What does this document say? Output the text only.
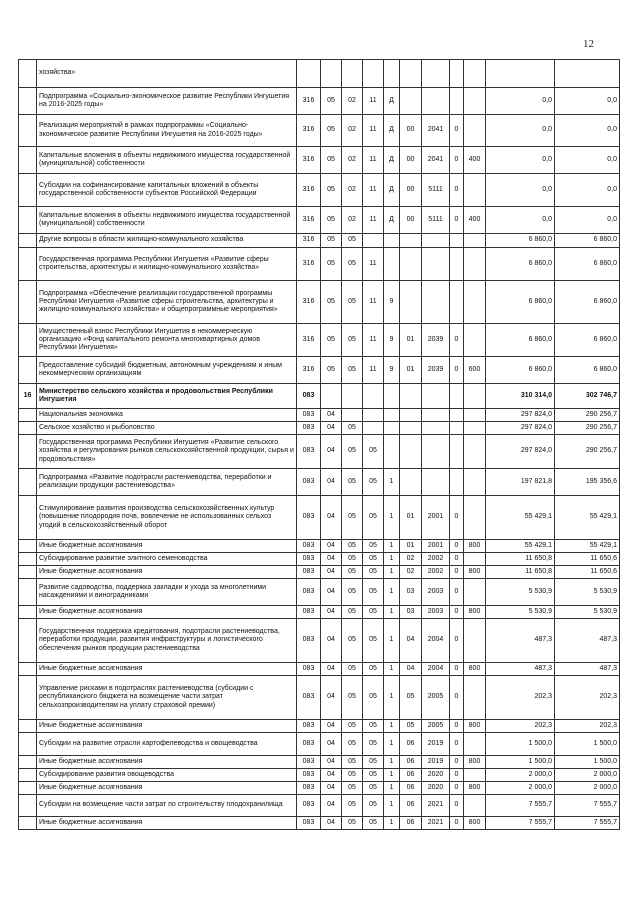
12
	хозяйства»											
	Подпрограмма «Социально-экономическое развитие Республики Ингушетия на 2016-2025 годы»	316	05	02	11	Д					0,0	0,0
	Реализация мероприятий в рамках подпрограммы «Социально-экономическое развитие Республики Ингушетия на 2016-2025 годы»	316	05	02	11	Д	00	2041	0		0,0	0,0
	Капитальные вложения в объекты недвижимого имущества государственной (муниципальной) собственности	316	05	02	11	Д	00	2041	0	400	0,0	0,0
	Субсидии на софинансирование капитальных вложений в объекты государственной собственности субъектов Российской Федерации	316	05	02	11	Д	00	5111	0		0,0	0,0
	Капитальные вложения в объекты недвижимого имущества государственной (муниципальной) собственности	316	05	02	11	Д	00	5111	0	400	0,0	0,0
	Другие вопросы в области жилищно-коммунального хозяйства	316	05	05							6 860,0	6 860,0
	Государственная программа Республики Ингушетия «Развитие сферы строительства, архитектуры и жилищно-коммунального хозяйства»	316	05	05	11						6 860,0	6 860,0
	Подпрограмма «Обеспечение реализации государственной программы Республики Ингушетия «Развитие сферы строительства, архитектуры и жилищно-коммунального хозяйства» и общепрограммные мероприятия»	316	05	05	11	9					6 860,0	6 860,0
	Имущественный взнос Республики Ингушетия в некоммерческую организацию «Фонд капитального ремонта многоквартирных домов Республики Ингушетия»	316	05	05	11	9	01	2039	0		6 860,0	6 860,0
	Предоставление субсидий бюджетным, автономным учреждениям и иным некоммерческим организациям	316	05	05	11	9	01	2039	0	600	6 860,0	6 860,0
16	Министерство сельского хозяйства и продовольствия Республики Ингушетия	083									310 314,0	302 746,7
	Национальная экономика	083	04								297 824,0	290 256,7
	Сельское хозяйство и рыболовство	083	04	05							297 824,0	290 256,7
	Государственная программа Республики Ингушетия «Развитие сельского хозяйства и регулирования рынков сельскохозяйственной продукции, сырья и продовольствия»	083	04	05	05						297 824,0	290 256,7
	Подпрограмма «Развитие подотрасли растениеводства, переработки и реализации продукции растениеводства»	083	04	05	05	1					197 821,8	195 356,6
	Стимулирование развития производства сельскохозяйственных культур (повышение плодородия почв, вовлечение не использованных сельхоз угодий в сельскохозяйственный оборот	083	04	05	05	1	01	2001	0		55 429,1	55 429,1
	Иные бюджетные ассигнования	083	04	05	05	1	01	2001	0	800	55 429,1	55 429,1
	Субсидирование развитие элитного семеноводства	083	04	05	05	1	02	2002	0		11 650,8	11 650,6
	Иные бюджетные ассигнования	083	04	05	05	1	02	2002	0	800	11 650,8	11 650,6
	Развитие садоводства, поддержка закладки и ухода за многолетними насаждениями и виноградниками	083	04	05	05	1	03	2003	0		5 530,9	5 530,9
	Иные бюджетные ассигнования	083	04	05	05	1	03	2003	0	800	5 530,9	5 530,9
	Государственная поддержка кредитования, подотрасли растениеводства, переработки продукции, развития инфраструктуры и логистического обеспечения рынков продукции растениеводства	083	04	05	05	1	04	2004	0		487,3	487,3
	Иные бюджетные ассигнования	083	04	05	05	1	04	2004	0	800	487,3	487,3
	Управление рисками в подотраслях растениеводства (субсидии с республиканского бюджета на возмещение части затрат сельхозпроизводителям на уплату страховой премии)	083	04	05	05	1	05	2005	0		202,3	202,3
	Иные бюджетные ассигнования	083	04	05	05	1	05	2005	0	800	202,3	202,3
	Субсидии на развитие отрасли картофелеводства и овощеводства	083	04	05	05	1	06	2019	0		1 500,0	1 500,0
	Иные бюджетные ассигнования	083	04	05	05	1	06	2019	0	800	1 500,0	1 500,0
	Субсидирование развития овощеводства	083	04	05	05	1	06	2020	0		2 000,0	2 000,0
	Иные бюджетные ассигнования	083	04	05	05	1	06	2020	0	800	2 000,0	2 000,0
	Субсидии на возмещение части затрат по строительству плодохранилища	083	04	05	05	1	06	2021	0		7 555,7	7 555,7
	Иные бюджетные ассигнования	083	04	05	05	1	06	2021	0	800	7 555,7	7 555,7
